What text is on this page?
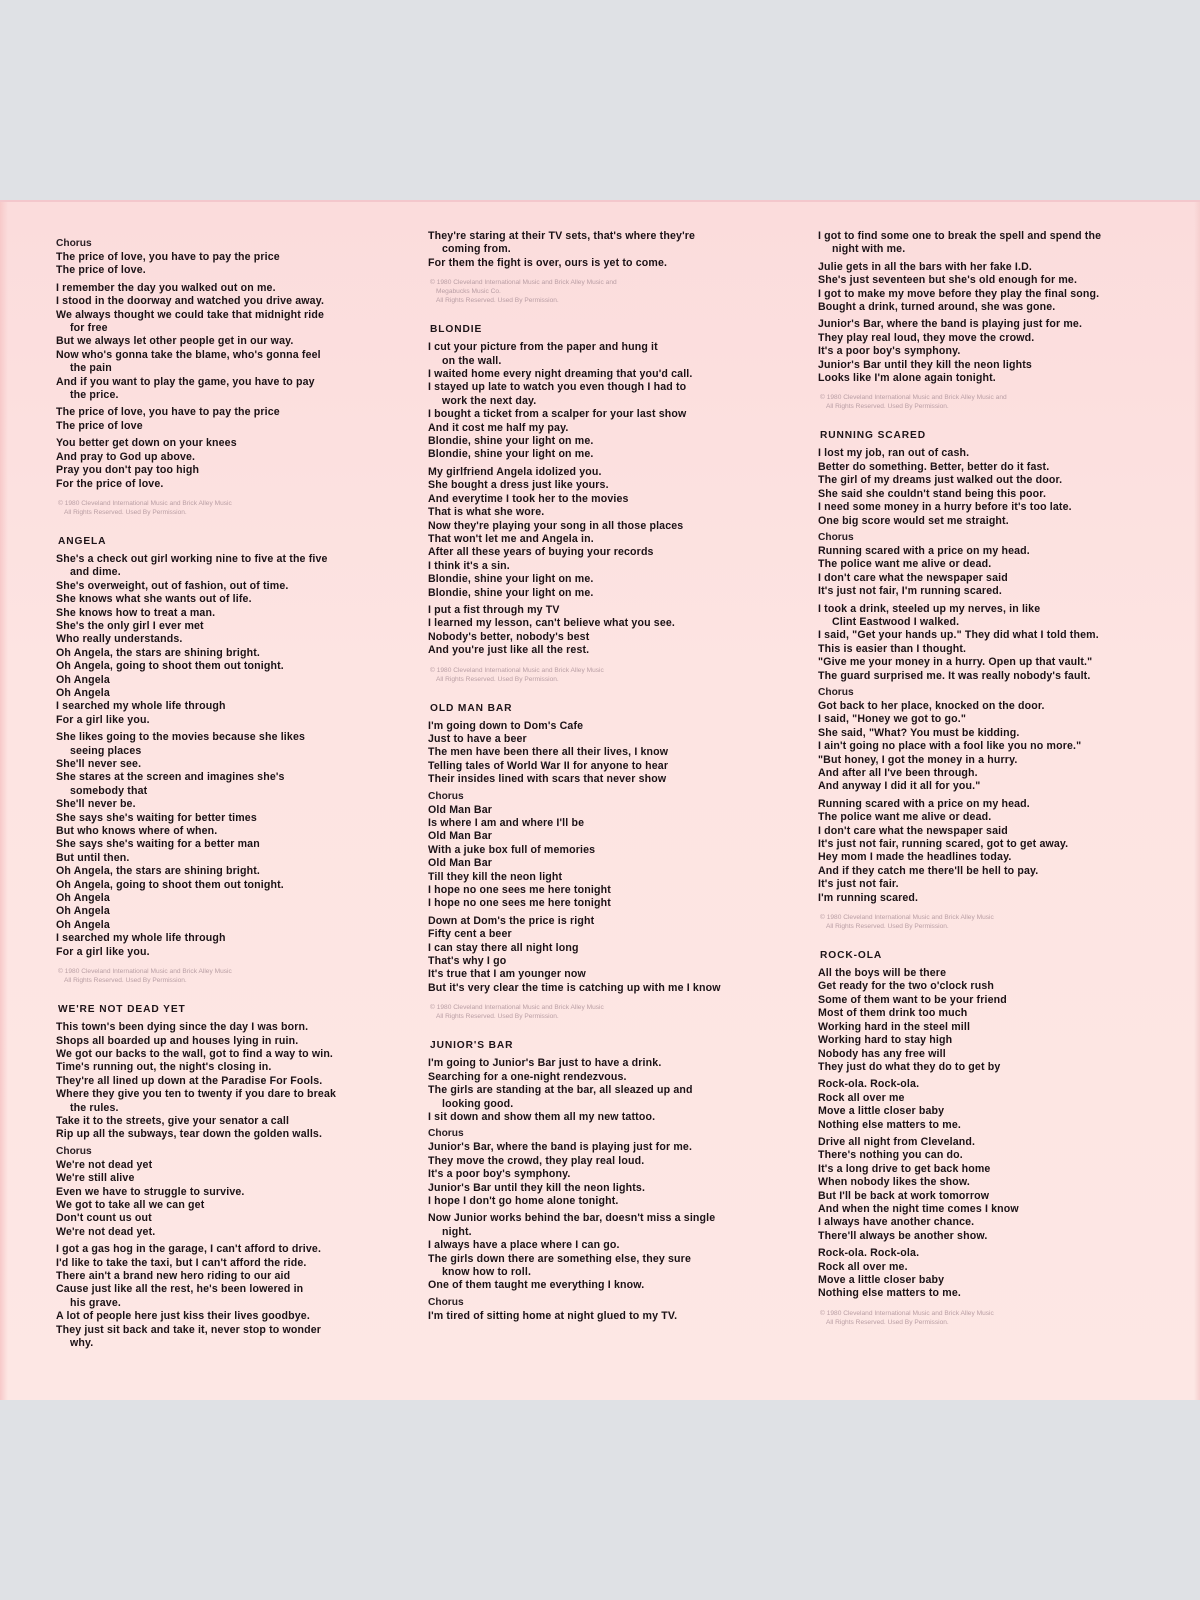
Chorus
The price of love, you have to pay the price
The price of love.
I remember the day you walked out on me.
I stood in the doorway and watched you drive away.
We always thought we could take that midnight ride
for free
But we always let other people get in our way.
Now who's gonna take the blame, who's gonna feel
the pain
And if you want to play the game, you have to pay
the price.
The price of love, you have to pay the price
The price of love
You better get down on your knees
And pray to God up above.
Pray you don't pay too high
For the price of love.
© 1980 Cleveland International Music and Brick Alley Music
All Rights Reserved. Used By Permission.
ANGELA
She's a check out girl working nine to five at the five
and dime.
She's overweight, out of fashion, out of time.
She knows what she wants out of life.
She knows how to treat a man.
She's the only girl I ever met
Who really understands.
Oh Angela, the stars are shining bright.
Oh Angela, going to shoot them out tonight.
Oh Angela
Oh Angela
I searched my whole life through
For a girl like you.
She likes going to the movies because she likes
seeing places
She'll never see.
She stares at the screen and imagines she's
somebody that
She'll never be.
She says she's waiting for better times
But who knows where of when.
She says she's waiting for a better man
But until then.
Oh Angela, the stars are shining bright.
Oh Angela, going to shoot them out tonight.
Oh Angela
Oh Angela
Oh Angela
I searched my whole life through
For a girl like you.
© 1980 Cleveland International Music and Brick Alley Music
All Rights Reserved. Used By Permission.
WE'RE NOT DEAD YET
This town's been dying since the day I was born.
Shops all boarded up and houses lying in ruin.
We got our backs to the wall, got to find a way to win.
Time's running out, the night's closing in.
They're all lined up down at the Paradise For Fools.
Where they give you ten to twenty if you dare to break
the rules.
Take it to the streets, give your senator a call
Rip up all the subways, tear down the golden walls.
Chorus
We're not dead yet
We're still alive
Even we have to struggle to survive.
We got to take all we can get
Don't count us out
We're not dead yet.
I got a gas hog in the garage, I can't afford to drive.
I'd like to take the taxi, but I can't afford the ride.
There ain't a brand new hero riding to our aid
Cause just like all the rest, he's been lowered in
his grave.
A lot of people here just kiss their lives goodbye.
They just sit back and take it, never stop to wonder
why.
They're staring at their TV sets, that's where they're
coming from.
For them the fight is over, ours is yet to come.
© 1980 Cleveland International Music and Brick Alley Music and
Megabucks Music Co.
All Rights Reserved. Used By Permission.
BLONDIE
I cut your picture from the paper and hung it
on the wall.
I waited home every night dreaming that you'd call.
I stayed up late to watch you even though I had to
work the next day.
I bought a ticket from a scalper for your last show
And it cost me half my pay.
Blondie, shine your light on me.
Blondie, shine your light on me.
My girlfriend Angela idolized you.
She bought a dress just like yours.
And everytime I took her to the movies
That is what she wore.
Now they're playing your song in all those places
That won't let me and Angela in.
After all these years of buying your records
I think it's a sin.
Blondie, shine your light on me.
Blondie, shine your light on me.
I put a fist through my TV
I learned my lesson, can't believe what you see.
Nobody's better, nobody's best
And you're just like all the rest.
© 1980 Cleveland International Music and Brick Alley Music
All Rights Reserved. Used By Permission.
OLD MAN BAR
I'm going down to Dom's Cafe
Just to have a beer
The men have been there all their lives, I know
Telling tales of World War II for anyone to hear
Their insides lined with scars that never show
Chorus
Old Man Bar
Is where I am and where I'll be
Old Man Bar
With a juke box full of memories
Old Man Bar
Till they kill the neon light
I hope no one sees me here tonight
I hope no one sees me here tonight
Down at Dom's the price is right
Fifty cent a beer
I can stay there all night long
That's why I go
It's true that I am younger now
But it's very clear the time is catching up with me I know
© 1980 Cleveland International Music and Brick Alley Music
All Rights Reserved. Used By Permission.
JUNIOR'S BAR
I'm going to Junior's Bar just to have a drink.
Searching for a one-night rendezvous.
The girls are standing at the bar, all sleazed up and
looking good.
I sit down and show them all my new tattoo.
Chorus
Junior's Bar, where the band is playing just for me.
They move the crowd, they play real loud.
It's a poor boy's symphony.
Junior's Bar until they kill the neon lights.
I hope I don't go home alone tonight.
Now Junior works behind the bar, doesn't miss a single
night.
I always have a place where I can go.
The girls down there are something else, they sure
know how to roll.
One of them taught me everything I know.
Chorus
I'm tired of sitting home at night glued to my TV.
I got to find some one to break the spell and spend the
night with me.
Julie gets in all the bars with her fake I.D.
She's just seventeen but she's old enough for me.
I got to make my move before they play the final song.
Bought a drink, turned around, she was gone.
Junior's Bar, where the band is playing just for me.
They play real loud, they move the crowd.
It's a poor boy's symphony.
Junior's Bar until they kill the neon lights
Looks like I'm alone again tonight.
© 1980 Cleveland International Music and Brick Alley Music and
All Rights Reserved. Used By Permission.
RUNNING SCARED
I lost my job, ran out of cash.
Better do something. Better, better do it fast.
The girl of my dreams just walked out the door.
She said she couldn't stand being this poor.
I need some money in a hurry before it's too late.
One big score would set me straight.
Chorus
Running scared with a price on my head.
The police want me alive or dead.
I don't care what the newspaper said
It's just not fair, I'm running scared.
I took a drink, steeled up my nerves, in like
Clint Eastwood I walked.
I said, "Get your hands up." They did what I told them.
This is easier than I thought.
"Give me your money in a hurry. Open up that vault."
The guard surprised me. It was really nobody's fault.
Chorus
Got back to her place, knocked on the door.
I said, "Honey we got to go."
She said, "What? You must be kidding.
I ain't going no place with a fool like you no more."
"But honey, I got the money in a hurry.
And after all I've been through.
And anyway I did it all for you."
Running scared with a price on my head.
The police want me alive or dead.
I don't care what the newspaper said
It's just not fair, running scared, got to get away.
Hey mom I made the headlines today.
And if they catch me there'll be hell to pay.
It's just not fair.
I'm running scared.
© 1980 Cleveland International Music and Brick Alley Music
All Rights Reserved. Used By Permission.
ROCK-OLA
All the boys will be there
Get ready for the two o'clock rush
Some of them want to be your friend
Most of them drink too much
Working hard in the steel mill
Working hard to stay high
Nobody has any free will
They just do what they do to get by
Rock-ola. Rock-ola.
Rock all over me
Move a little closer baby
Nothing else matters to me.
Drive all night from Cleveland.
There's nothing you can do.
It's a long drive to get back home
When nobody likes the show.
But I'll be back at work tomorrow
And when the night time comes I know
I always have another chance.
There'll always be another show.
Rock-ola. Rock-ola.
Rock all over me.
Move a little closer baby
Nothing else matters to me.
© 1980 Cleveland International Music and Brick Alley Music
All Rights Reserved. Used By Permission.
